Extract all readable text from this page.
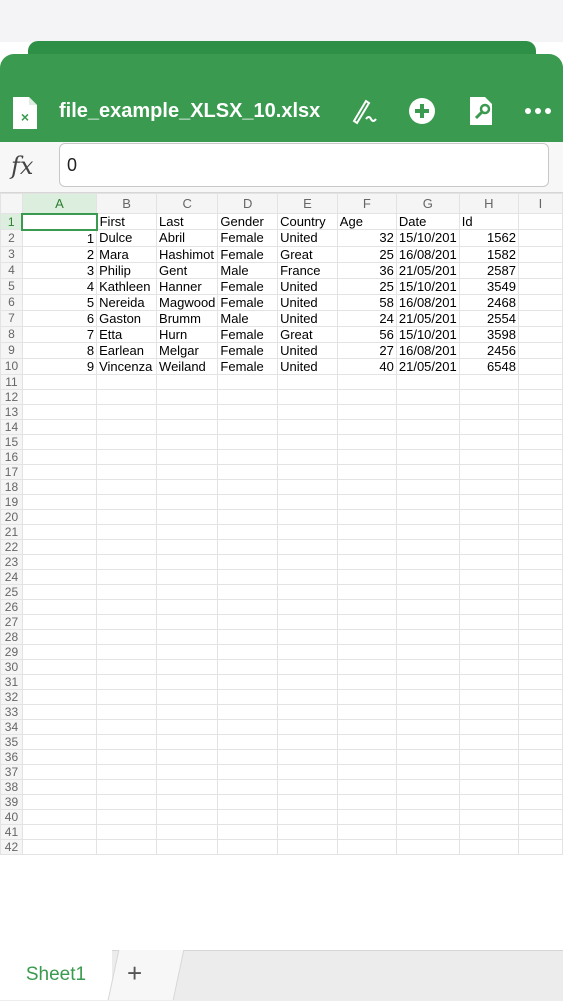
× file_example_XLSX_10.xlsx
fx	0
	A	B	C	D	E	F	G	H	I
1		First	Last	Gender	Country	Age	Date	Id	
2	1	Dulce	Abril	Female	United	32	15/10/201	1562	
3	2	Mara	Hashimot	Female	Great	25	16/08/201	1582	
4	3	Philip	Gent	Male	France	36	21/05/201	2587	
5	4	Kathleen	Hanner	Female	United	25	15/10/201	3549	
6	5	Nereida	Magwood	Female	United	58	16/08/201	2468	
7	6	Gaston	Brumm	Male	United	24	21/05/201	2554	
8	7	Etta	Hurn	Female	Great	56	15/10/201	3598	
9	8	Earlean	Melgar	Female	United	27	16/08/201	2456	
10	9	Vincenza	Weiland	Female	United	40	21/05/201	6548	
11									
12									
13									
14									
15									
16									
17									
18									
19									
20									
21									
22									
23									
24									
25									
26									
27									
28									
29									
30									
31									
32									
33									
34									
35									
36									
37									
38									
39									
40									
41									
42									
Sheet1	+
